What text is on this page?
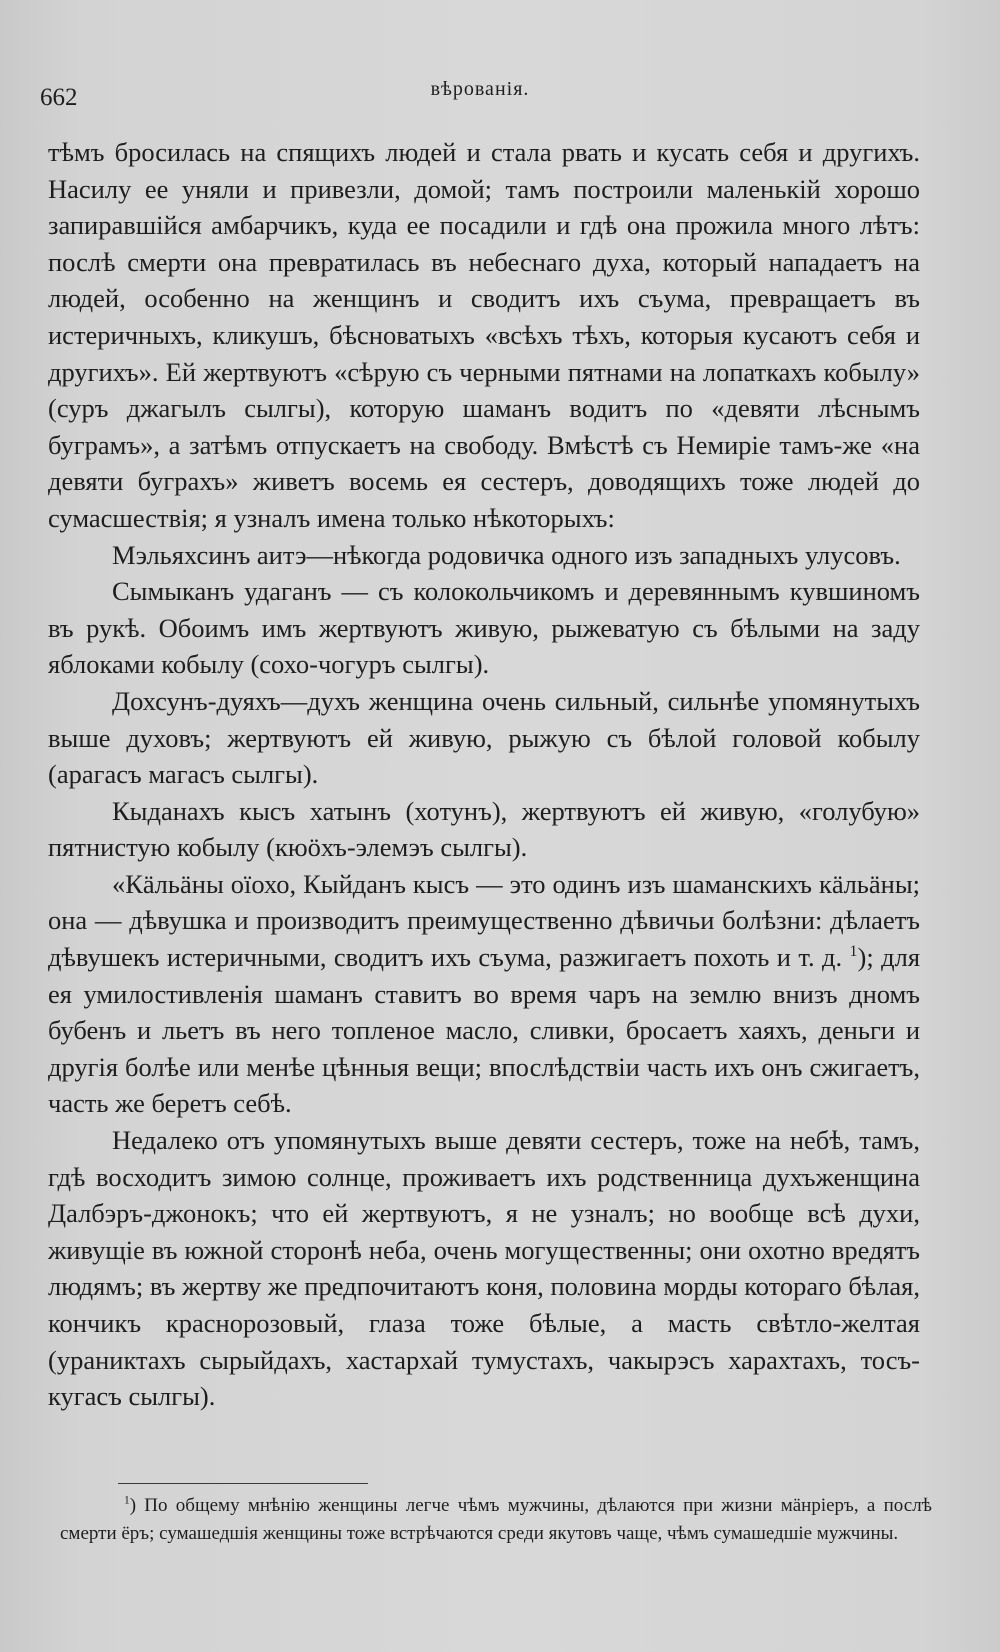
662	вѣрованія.

тѣмъ бросилась на спящихъ людей и стала рвать и кусать себя и другихъ. Насилу ее уняли и привезли, домой; тамъ построили маленькій хорошо запиравшійся амбарчикъ, куда ее посадили и гдѣ она прожила много лѣтъ: послѣ смерти она превратилась въ небеснаго духа, который нападаетъ на людей, особенно на женщинъ и сводитъ ихъ съума, превращаетъ въ истеричныхъ, кликушъ, бѣсноватыхъ «всѣхъ тѣхъ, которыя кусаютъ себя и другихъ». Ей жертвуютъ «сѣрую съ черными пятнами на лопаткахъ кобылу» (суръ джагылъ сылгы), которую шаманъ водитъ по «девяти лѣснымъ буграмъ», а затѣмъ отпускаетъ на свободу. Вмѣстѣ съ Немиріе тамъ-же «на девяти буграхъ» живетъ восемь ея сестеръ, доводящихъ тоже людей до сумасшествія; я узналъ имена только нѣкоторыхъ:

Мэльяхсинъ аитэ—нѣкогда родовичка одного изъ западныхъ улусовъ.

Сымыканъ удаганъ — съ колокольчикомъ и деревяннымъ кувшиномъ въ рукѣ. Обоимъ имъ жертвуютъ живую, рыжеватую съ бѣлыми на заду яблоками кобылу (сохо-чогуръ сылгы).

Дохсунъ-дуяхъ—духъ женщина очень сильный, сильнѣе упомянутыхъ выше духовъ; жертвуютъ ей живую, рыжую съ бѣлой головой кобылу (арагасъ магасъ сылгы).

Кыданахъ кысъ хатынъ (хотунъ), жертвуютъ ей живую, «голубую» пятнистую кобылу (кюöхъ-элемэъ сылгы).

«Кäльäны оïохо, Кыйданъ кысъ — это одинъ изъ шаманскихъ кäльäны; она — дѣвушка и производитъ преимущественно дѣвичьи болѣзни: дѣлаетъ дѣвушекъ истеричными, сводитъ ихъ съума, разжигаетъ похоть и т. д. $^1$); для ея умилостивленія шаманъ ставитъ во время чаръ на землю внизъ дномъ бубенъ и льетъ въ него топленое масло, сливки, бросаетъ хаяхъ, деньги и другія болѣе или менѣе цѣнныя вещи; впослѣдствіи часть ихъ онъ сжигаетъ, часть же беретъ себѣ.

Недалеко отъ упомянутыхъ выше девяти сестеръ, тоже на небѣ, тамъ, гдѣ восходитъ зимою солнце, проживаетъ ихъ родственница духъженщина Далбэръ-джонокъ; что ей жертвуютъ, я не узналъ; но вообще всѣ духи, живущіе въ южной сторонѣ неба, очень могущественны; они охотно вредятъ людямъ; въ жертву же предпочитаютъ коня, половина морды котораго бѣлая, кончикъ краснорозовый, глаза тоже бѣлые, а масть свѣтло-желтая (ураниктахъ сырыйдахъ, хастархай тумустахъ, чакырэсъ харахтахъ, тосъ-кугасъ сылгы).

$^1$) По общему мнѣнію женщины легче чѣмъ мужчины, дѣлаются при жизни мäнріеръ, а послѣ смерти ёръ; сумашедшія женщины тоже встрѣчаются среди якутовъ чаще, чѣмъ сумашедшіе мужчины.
